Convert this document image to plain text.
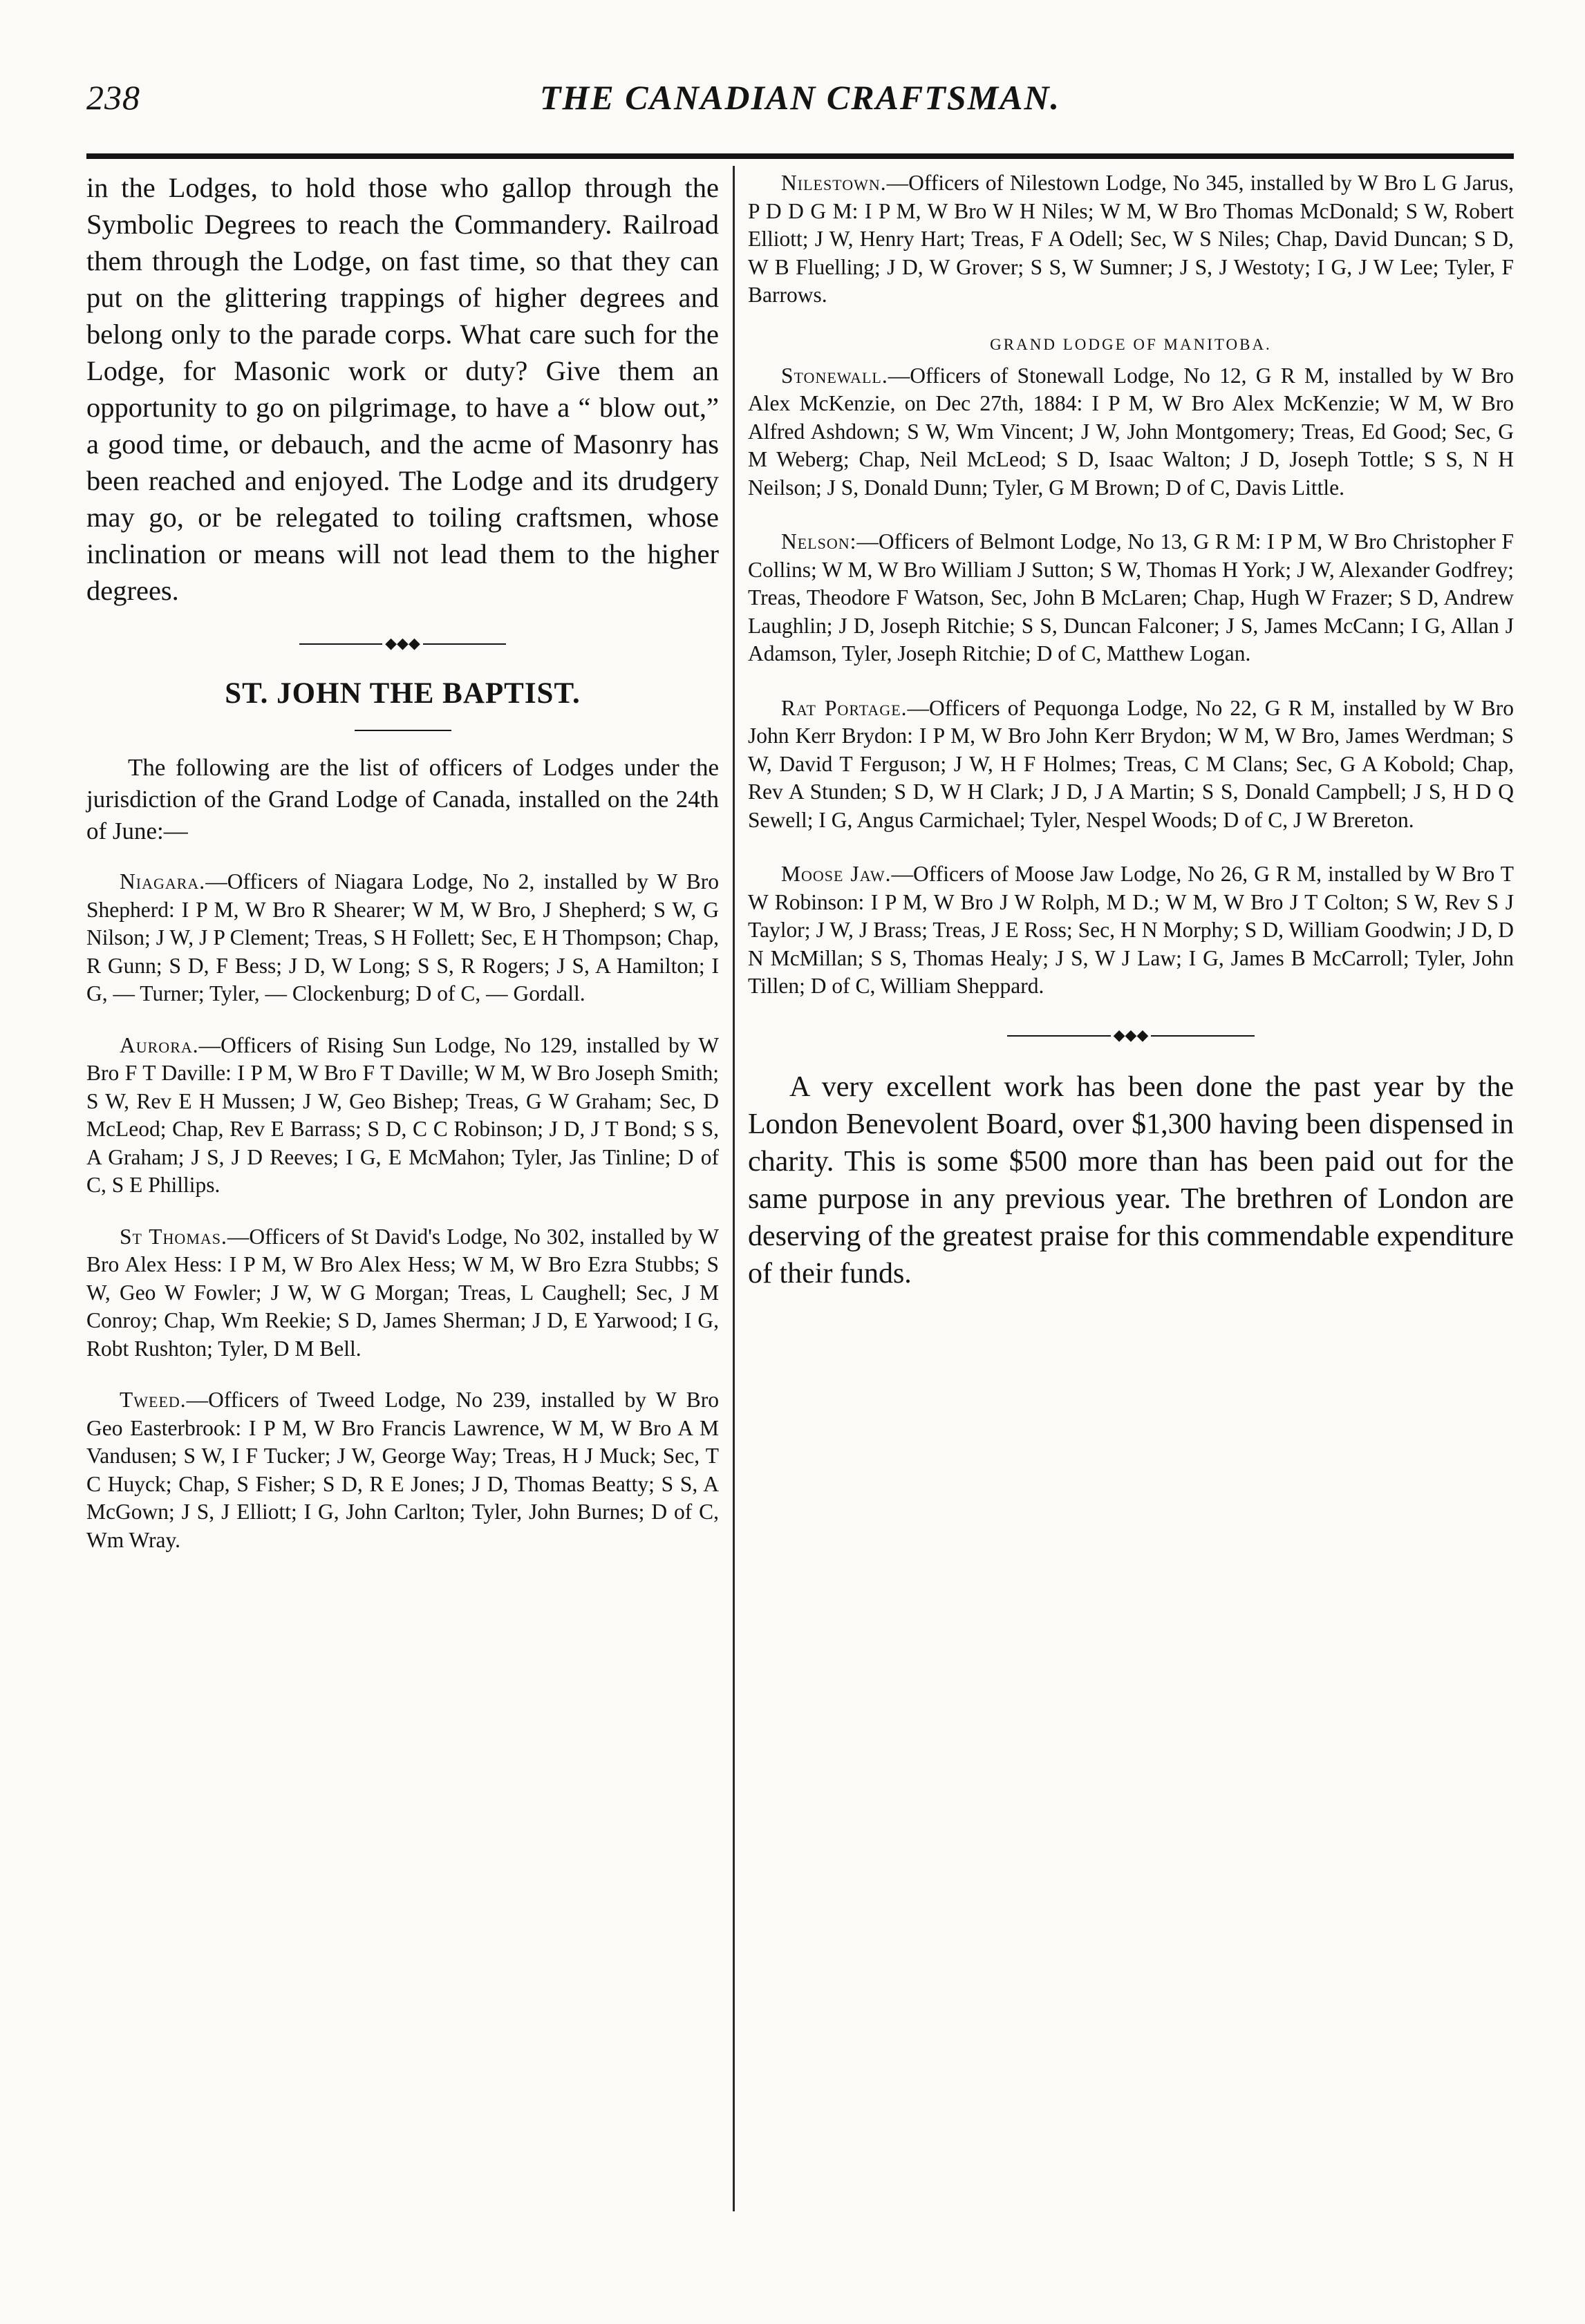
238	THE CANADIAN CRAFTSMAN.

in the Lodges, to hold those who gallop through the Symbolic Degrees to reach the Commandery. Railroad them through the Lodge, on fast time, so that they can put on the glittering trappings of higher degrees and belong only to the parade corps. What care such for the Lodge, for Masonic work or duty? Give them an opportunity to go on pilgrimage, to have a “ blow out,” a good time, or debauch, and the acme of Masonry has been reached and enjoyed. The Lodge and its drudgery may go, or be relegated to toiling craftsmen, whose inclination or means will not lead them to the higher degrees.

◆◆◆
ST. JOHN THE BAPTIST.

The following are the list of officers of Lodges under the jurisdiction of the Grand Lodge of Canada, installed on the 24th of June:—

Niagara.—Officers of Niagara Lodge, No 2, installed by W Bro Shepherd: I P M, W Bro R Shearer; W M, W Bro, J Shepherd; S W, G Nilson; J W, J P Clement; Treas, S H Follett; Sec, E H Thompson; Chap, R Gunn; S D, F Bess; J D, W Long; S S, R Rogers; J S, A Hamilton; I G, — Turner; Tyler, — Clockenburg; D of C, — Gordall.

Aurora.—Officers of Rising Sun Lodge, No 129, installed by W Bro F T Daville: I P M, W Bro F T Daville; W M, W Bro Joseph Smith; S W, Rev E H Mussen; J W, Geo Bishep; Treas, G W Graham; Sec, D McLeod; Chap, Rev E Barrass; S D, C C Robinson; J D, J T Bond; S S, A Graham; J S, J D Reeves; I G, E McMahon; Tyler, Jas Tinline; D of C, S E Phillips.

St Thomas.—Officers of St David's Lodge, No 302, installed by W Bro Alex Hess: I P M, W Bro Alex Hess; W M, W Bro Ezra Stubbs; S W, Geo W Fowler; J W, W G Morgan; Treas, L Caughell; Sec, J M Conroy; Chap, Wm Reekie; S D, James Sherman; J D, E Yarwood; I G, Robt Rushton; Tyler, D M Bell.

Tweed.—Officers of Tweed Lodge, No 239, installed by W Bro Geo Easterbrook: I P M, W Bro Francis Lawrence, W M, W Bro A M Vandusen; S W, I F Tucker; J W, George Way; Treas, H J Muck; Sec, T C Huyck; Chap, S Fisher; S D, R E Jones; J D, Thomas Beatty; S S, A McGown; J S, J Elliott; I G, John Carlton; Tyler, John Burnes; D of C, Wm Wray.

Nilestown.—Officers of Nilestown Lodge, No 345, installed by W Bro L G Jarus, P D D G M: I P M, W Bro W H Niles; W M, W Bro Thomas McDonald; S W, Robert Elliott; J W, Henry Hart; Treas, F A Odell; Sec, W S Niles; Chap, David Duncan; S D, W B Fluelling; J D, W Grover; S S, W Sumner; J S, J Westoty; I G, J W Lee; Tyler, F Barrows.

GRAND LODGE OF MANITOBA.

Stonewall.—Officers of Stonewall Lodge, No 12, G R M, installed by W Bro Alex McKenzie, on Dec 27th, 1884: I P M, W Bro Alex McKenzie; W M, W Bro Alfred Ashdown; S W, Wm Vincent; J W, John Montgomery; Treas, Ed Good; Sec, G M Weberg; Chap, Neil McLeod; S D, Isaac Walton; J D, Joseph Tottle; S S, N H Neilson; J S, Donald Dunn; Tyler, G M Brown; D of C, Davis Little.

Nelson:—Officers of Belmont Lodge, No 13, G R M: I P M, W Bro Christopher F Collins; W M, W Bro William J Sutton; S W, Thomas H York; J W, Alexander Godfrey; Treas, Theodore F Watson, Sec, John B McLaren; Chap, Hugh W Frazer; S D, Andrew Laughlin; J D, Joseph Ritchie; S S, Duncan Falconer; J S, James McCann; I G, Allan J Adamson, Tyler, Joseph Ritchie; D of C, Matthew Logan.

Rat Portage.—Officers of Pequonga Lodge, No 22, G R M, installed by W Bro John Kerr Brydon: I P M, W Bro John Kerr Brydon; W M, W Bro, James Werdman; S W, David T Ferguson; J W, H F Holmes; Treas, C M Clans; Sec, G A Kobold; Chap, Rev A Stunden; S D, W H Clark; J D, J A Martin; S S, Donald Campbell; J S, H D Q Sewell; I G, Angus Carmichael; Tyler, Nespel Woods; D of C, J W Brereton.

Moose Jaw.—Officers of Moose Jaw Lodge, No 26, G R M, installed by W Bro T W Robinson: I P M, W Bro J W Rolph, M D.; W M, W Bro J T Colton; S W, Rev S J Taylor; J W, J Brass; Treas, J E Ross; Sec, H N Morphy; S D, William Goodwin; J D, D N McMillan; S S, Thomas Healy; J S, W J Law; I G, James B McCarroll; Tyler, John Tillen; D of C, William Sheppard.

◆◆◆

A very excellent work has been done the past year by the London Benevolent Board, over $1,300 having been dispensed in charity. This is some $500 more than has been paid out for the same purpose in any previous year. The brethren of London are deserving of the greatest praise for this commendable expenditure of their funds.
